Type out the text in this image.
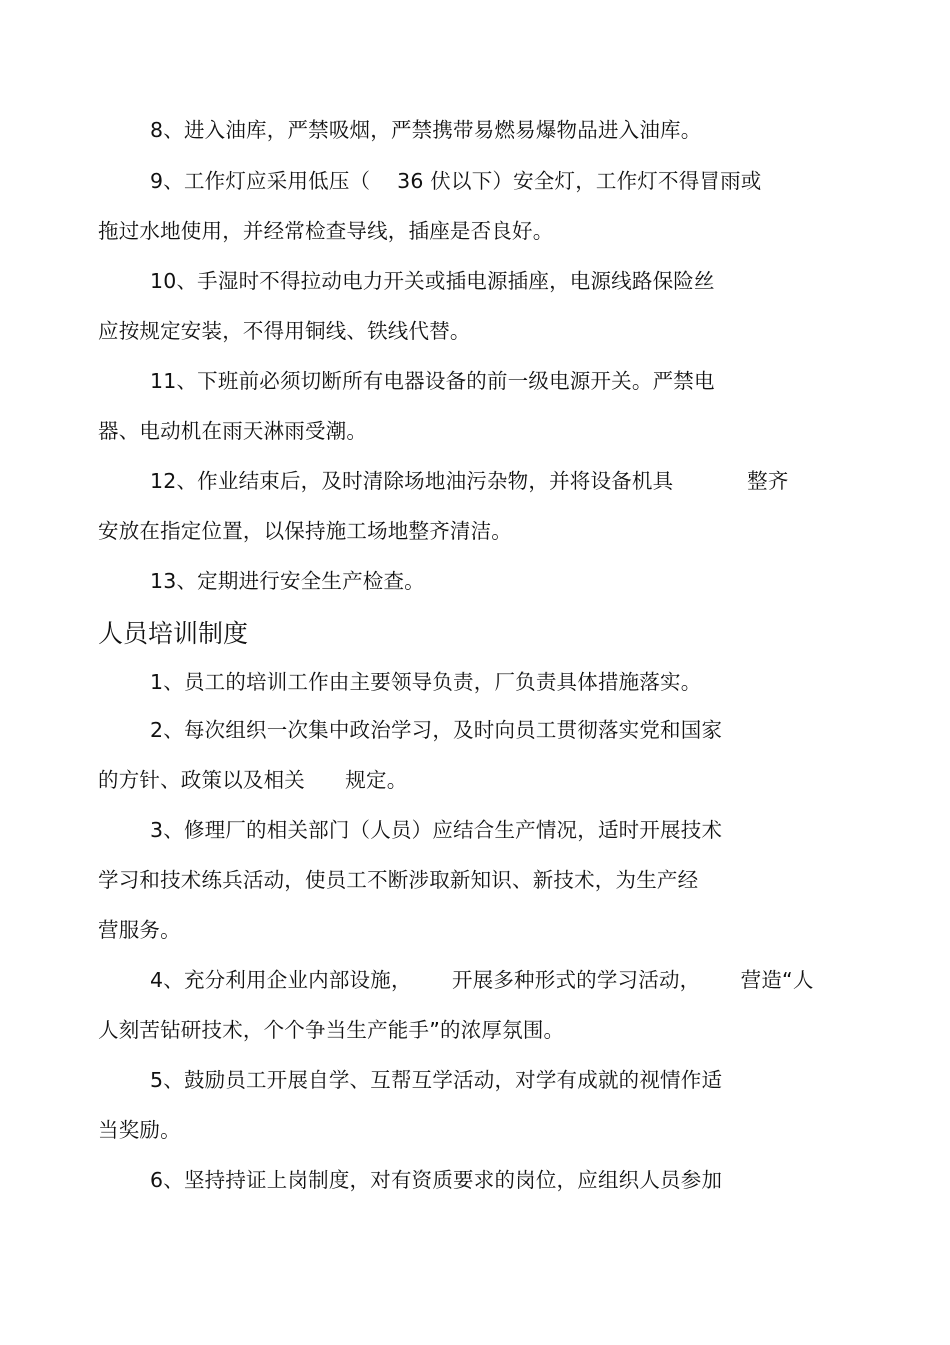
8、进入油库，严禁吸烟，严禁携带易燃易爆物品进入油库。
9、工作灯应采用低压（    36 伏以下）安全灯，工作灯不得冒雨或
拖过水地使用，并经常检查导线，插座是否良好。
10、手湿时不得拉动电力开关或插电源插座，电源线路保险丝
应按规定安装，不得用铜线、铁线代替。
11、下班前必须切断所有电器设备的前一级电源开关。严禁电
器、电动机在雨天淋雨受潮。
12、作业结束后，及时清除场地油污杂物，并将设备机具           整齐
安放在指定位置，以保持施工场地整齐清洁。
13、定期进行安全生产检查。
人员培训制度
1、员工的培训工作由主要领导负责，厂负责具体措施落实。
2、每次组织一次集中政治学习，及时向员工贯彻落实党和国家
的方针、政策以及相关      规定。
3、修理厂的相关部门（人员）应结合生产情况，适时开展技术
学习和技术练兵活动，使员工不断涉取新知识、新技术，为生产经
营服务。
4、充分利用企业内部设施，      开展多种形式的学习活动，      营造“人
人刻苦钻研技术，个个争当生产能手”的浓厚氛围。
5、鼓励员工开展自学、互帮互学活动，对学有成就的视情作适
当奖励。
6、坚持持证上岗制度，对有资质要求的岗位，应组织人员参加
